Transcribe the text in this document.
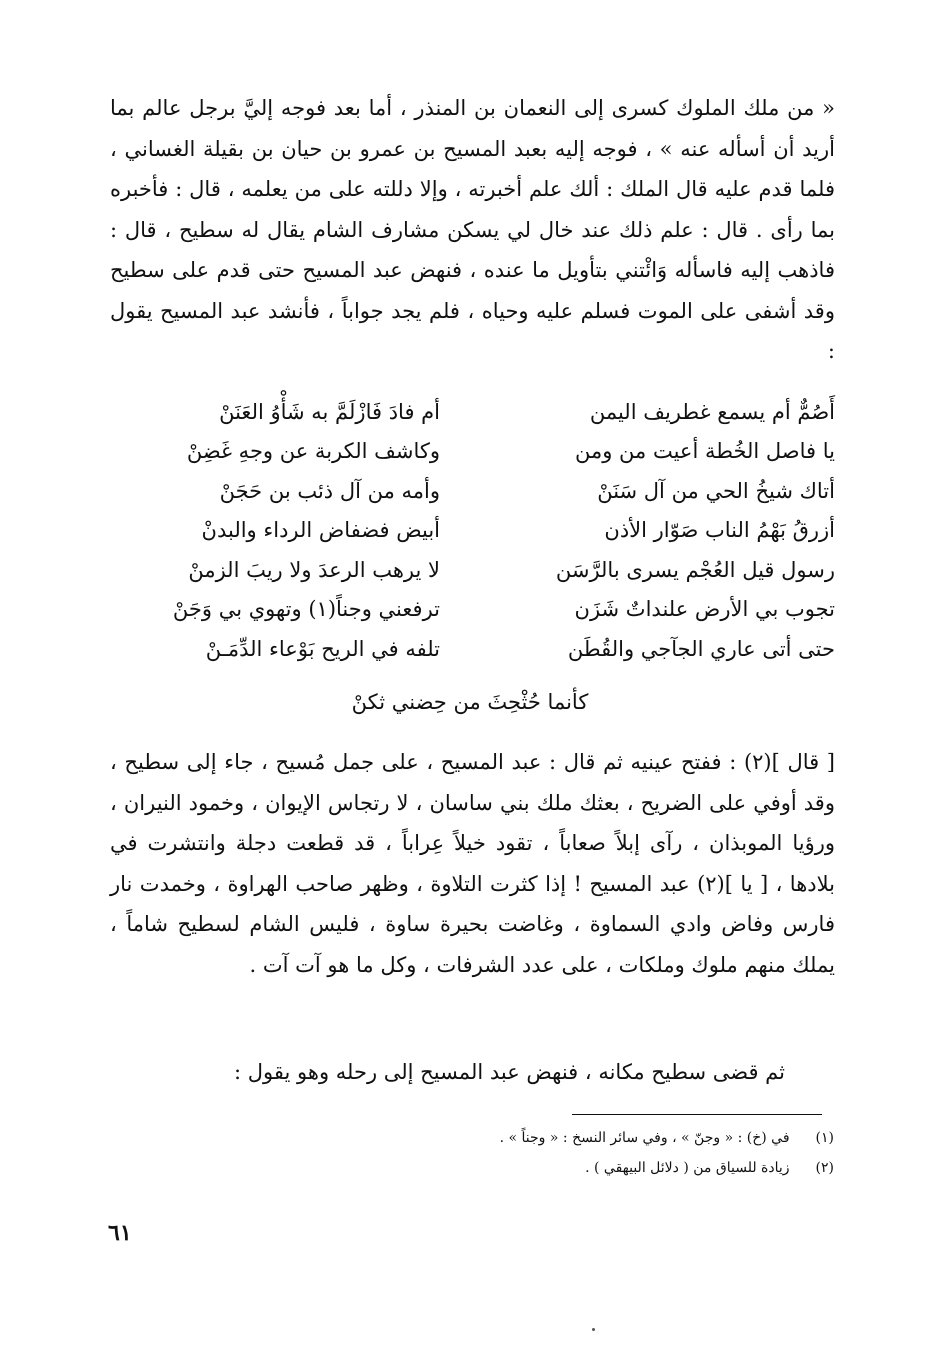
« من ملك الملوك كسرى إلى النعمان بن المنذر ، أما بعد فوجه إليَّ برجل عالم بما أريد أن أسأله عنه » ، فوجه إليه بعبد المسيح بن عمرو بن حيان بن بقيلة الغساني ، فلما قدم عليه قال الملك : ألك علم أخبرته ، وإلا دللته على من يعلمه ، قال : فأخبره بما رأى . قال : علم ذلك عند خال لي يسكن مشارف الشام يقال له سطيح ، قال : فاذهب إليه فاسأله وَائْتني بتأويل ما عنده ، فنهض عبد المسيح حتى قدم على سطيح وقد أشفى على الموت فسلم عليه وحياه ، فلم يجد جواباً ، فأنشد عبد المسيح يقول :

أَصُمٌّ أم يسمع غطريف اليمن
أم فادَ فَازْلَمَّ به شَأْوُ العَنَنْ
يا فاصل الخُطة أعيت من ومن
وكاشف الكربة عن وجهِ غَضِنْ
أتاك شيخُ الحي من آل سَنَنْ
وأمه من آل ذئب بن حَجَنْ
أزرقُ بَهْمُ الناب صَوّار الأذن
أبيض فضفاض الرداء والبدنْ
رسول قيل العُجْم يسرى بالرَّسَن
لا يرهب الرعدَ ولا ريبَ الزمنْ
تجوب بي الأرض علنداتٌ شَزَن
ترفعني وجناً(١) وتهوي بي وَجَنْ
حتى أتى عاري الجآجي والقُطَن
تلفه في الريح بَوْعاء الدِّمَـنْ
كأنما حُثْحِثَ من حِضني ثكنْ

[ قال ](٢) : ففتح عينيه ثم قال : عبد المسيح ، على جمل مُسيح ، جاء إلى سطيح ، وقد أوفي على الضريح ، بعثك ملك بني ساسان ، لا رتجاس الإيوان ، وخمود النيران ، ورؤيا الموبذان ، رآى إبلاً صعاباً ، تقود خيلاً عِراباً ، قد قطعت دجلة وانتشرت في بلادها ، [ يا ](٢) عبد المسيح ! إذا كثرت التلاوة ، وظهر صاحب الهراوة ، وخمدت نار فارس وفاض وادي السماوة ، وغاضت بحيرة ساوة ، فليس الشام لسطيح شاماً ، يملك منهم ملوك وملكات ، على عدد الشرفات ، وكل ما هو آت آت .

ثم قضى سطيح مكانه ، فنهض عبد المسيح إلى رحله وهو يقول :

(١) في (خ) : « وجنّ » ، وفي سائر النسخ : « وجناً » .
(٢) زيادة للسياق من ( دلائل البيهقي ) .
٦١
